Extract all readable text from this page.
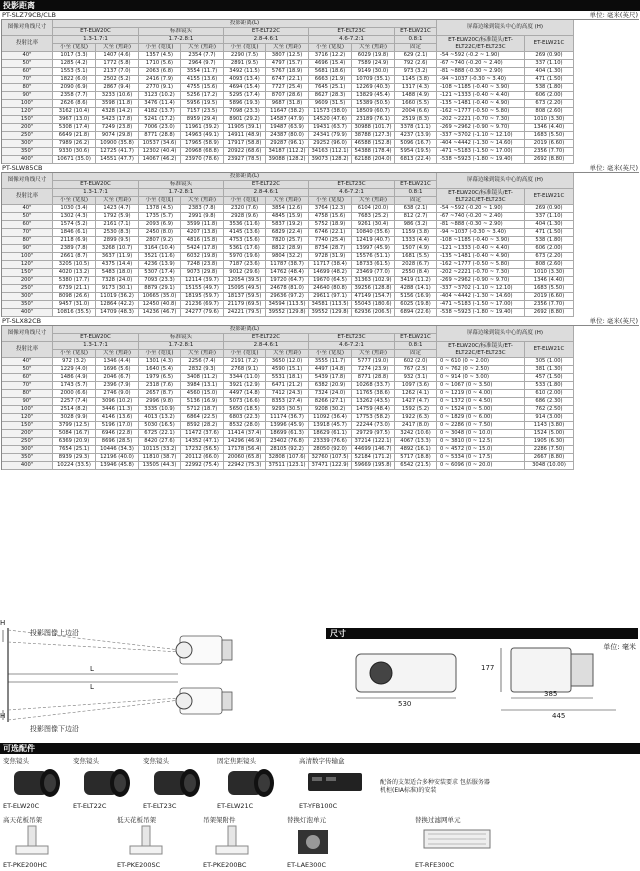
投影距离
PT-SLZ79CB/CLB	单位: 毫米(英尺)
图像对角线尺寸
投影距离(L)
屏幕边缘到镜头中心的高度 (H)
ET-ELW20C	标准镜头	ET-ELT22C	ET-ELT23C	ET-ELW21C
投射比率
1.3-1.7:1	1.7-2.8:1	2.8-4.6:1	4.6-7.2:1	0.8:1	ET-ELW20C/标准镜头/ET-ELT22C/ET-ELT23C
ET-ELW21C
小至 (宽度)	大至 (焦距)	小至 (宽度)	大至 (焦距)	小至 (宽度)	大至 (焦距)	小至 (宽度)	大至 (焦距)	固定
40"	1017 (3.3)	1407 (4.6)	1357 (4.5)	2354 (7.7)	2290 (7.5)	3807 (12.5)	3716 (12.2)	6029 (19.8)	629 (2.1)	-54 ~592 (-0.2 ~ 1.90)	269 (0.90)
50"	1285 (4.2)	1772 (5.8)	1710 (5.6)	2964 (9.7)	2891 (9.5)	4797 (15.7)	4696 (15.4)	7589 (24.9)	792 (2.6)	-67 ~740 (-0.20 ~ 2.40)	337 (1.10)
60"	1553 (5.1)	2137 (7.0)	2063 (6.8)	3554 (11.7)	3492 (11.5)	5767 (18.9)	5681 (18.6)	9149 (30.0)	973 (3.2)	-81 ~888 (-0.30 ~ 2.90)	404 (1.30)
70"	1822 (6.0)	2502 (5.2)	2416 (7.9)	4155 (13.6)	4093 (13.4)	6747 (22.1)	6663 (21.9)	10709 (35.1)	1145 (3.8)	-94 ~1037 (-0.30 ~ 3.40)	471 (1.50)
80"	2090 (6.9)	2867 (9.4)	2770 (9.1)	4755 (15.6)	4694 (15.4)	7727 (25.4)	7645 (25.1)	12269 (40.3)	1317 (4.3)	-108 ~1185 (-0.40 ~ 3.90)	538 (1.80)
90"	2358 (7.7)	3233 (10.6)	3123 (10.2)	5256 (17.2)	5295 (17.4)	8707 (28.6)	8627 (28.3)	13829 (45.4)	1488 (4.9)	-121 ~1333 (-0.40 ~ 4.40)	606 (2.00)
100"	2626 (8.6)	3598 (11.8)	3476 (11.4)	5956 (19.5)	5896 (19.3)	9687 (31.8)	9609 (31.5)	15389 (50.5)	1660 (5.5)	-135 ~1481 (-0.40 ~ 4.90)	673 (2.20)
120"	3162 (10.4)	4328 (14.2)	4182 (13.7)	7157 (23.5)	7098 (23.3)	11647 (38.2)	11573 (38.0)	18509 (60.7)	2004 (6.6)	-162 ~1777 (-0.50 ~ 5.80)	808 (2.60)
150"	3967 (13.0)	5423 (17.8)	5241 (17.2)	8959 (29.4)	8901 (29.2)	14587 (47.9)	14520 (47.6)	23189 (76.1)	2519 (8.3)	-202 ~2221 (-0.70 ~ 7.30)	1010 (3.30)
200"	5308 (17.4)	7249 (23.8)	7006 (23.0)	11961 (39.2)	11905 (39.1)	19487 (63.9)	19431 (63.7)	30988 (101.7)	3378 (11.1)	-269 ~2962 (-0.90 ~ 9.70)	1346 (4.40)
250"	6649 (21.8)	9074 (29.8)	8771 (28.8)	14963 (49.1)	14911 (48.9)	24387 (80.0)	24341 (79.9)	38788 (127.3)	4237 (13.9)	-337 ~3702 (-1.10 ~ 12.10)	1683 (5.50)
300"	7989 (26.2)	10900 (35.8)	10537 (34.6)	17965 (58.9)	17917 (58.8)	29287 (96.1)	29252 (96.0)	46588 (152.8)	5096 (16.7)	-404 ~4442 (-1.30 ~ 14.60)	2019 (6.60)
350"	9330 (30.6)	12725 (41.7)	12302 (40.4)	20968 (68.8)	20922 (68.6)	34187 (112.2)	34163 (112.1)	54388 (178.4)	5954 (19.5)	-471 ~5183 (-1.50 ~ 17.00)	2356 (7.70)
400"	10671 (35.0)	14551 (47.7)	14067 (46.2)	23970 (78.6)	23927 (78.5)	39088 (128.2)	39073 (128.2)	62188 (204.0)	6813 (22.4)	-538 ~5923 (-1.80 ~ 19.40)	2692 (8.80)
PT-SLW85CB	单位: 毫米(英尺)
图像对角线尺寸
投影距离(L)
屏幕边缘到镜头中心的高度 (H)
ET-ELW20C	标准镜头	ET-ELT22C	ET-ELT23C	ET-ELW21C
投射比率
1.3-1.7:1	1.7-2.8:1	2.8-4.6:1	4.6-7.2:1	0.8:1	ET-ELW20C/标准镜头/ET-ELT22C/ET-ELT23C
ET-ELW21C
小至 (宽度)	大至 (焦距)	小至 (宽度)	大至 (焦距)	小至 (宽度)	大至 (焦距)	小至 (宽度)	大至 (焦距)	固定
40"	1030 (3.4)	1423 (4.7)	1378 (4.5)	2383 (7.8)	2320 (7.6)	3854 (12.6)	3764 (12.3)	6104 (20.0)	638 (2.1)	-54 ~592 (-0.20 ~ 1.90)	269 (0.90)
50"	1302 (4.3)	1792 (5.9)	1735 (5.7)	2991 (9.8)	2928 (9.6)	4845 (15.9)	4758 (15.6)	7683 (25.2)	812 (2.7)	-67 ~740 (-0.20 ~ 2.40)	337 (1.10)
60"	1574 (5.2)	2161 (7.1)	2093 (6.9)	3599 (11.8)	3536 (11.6)	5837 (19.2)	5752 (18.9)	9261 (30.4)	986 (3.2)	-81 ~888 (-0.30 ~ 2.90)	404 (1.30)
70"	1846 (6.1)	2530 (8.3)	2450 (8.0)	4207 (13.8)	4145 (13.6)	6829 (22.4)	6746 (22.1)	10840 (35.6)	1159 (3.8)	-94 ~1037 (-0.30 ~ 3.40)	471 (1.50)
80"	2118 (6.9)	2899 (9.5)	2807 (9.2)	4816 (15.8)	4753 (15.6)	7820 (25.7)	7740 (25.4)	12419 (40.7)	1333 (4.4)	-108 ~1185 (-0.40 ~ 3.90)	538 (1.80)
90"	2389 (7.8)	3268 (10.7)	3164 (10.4)	5424 (17.8)	5361 (17.6)	8812 (28.9)	8734 (28.7)	13997 (45.9)	1507 (4.9)	-121 ~1333 (-0.40 ~ 4.40)	606 (2.00)
100"	2661 (8.7)	3637 (11.9)	3521 (11.6)	6032 (19.8)	5970 (19.6)	9804 (32.2)	9728 (31.9)	15576 (51.1)	1681 (5.5)	-135 ~1481 (-0.40 ~ 4.90)	673 (2.20)
120"	3205 (10.5)	4375 (14.4)	4236 (13.9)	7248 (23.8)	7187 (23.6)	11787 (38.7)	11717 (38.4)	18733 (61.5)	2028 (6.7)	-162 ~1777 (-0.50 ~ 5.80)	808 (2.60)
150"	4020 (13.2)	5483 (18.0)	5307 (17.4)	9073 (29.8)	9012 (29.6)	14762 (48.4)	14699 (48.2)	23469 (77.0)	2550 (8.4)	-202 ~2221 (-0.70 ~ 7.30)	1010 (3.30)
200"	5380 (17.7)	7328 (24.0)	7093 (23.3)	12114 (39.7)	12054 (39.5)	19720 (64.7)	19670 (64.5)	31363 (102.9)	3419 (11.2)	-269 ~2962 (-0.90 ~ 9.70)	1346 (4.40)
250"	6739 (21.1)	9173 (30.1)	8879 (29.1)	15155 (49.7)	15095 (49.5)	24678 (81.0)	24640 (80.8)	39256 (128.8)	4288 (14.1)	-337 ~3702 (-1.10 ~ 12.10)	1683 (5.50)
300"	8098 (26.6)	11019 (36.2)	10665 (35.0)	18195 (59.7)	18137 (59.5)	29636 (97.2)	29611 (97.1)	47149 (154.7)	5156 (16.9)	-404 ~4442 (-1.30 ~ 14.60)	2019 (6.60)
350"	9457 (31.0)	12864 (42.2)	12450 (40.8)	21236 (69.7)	21179 (69.5)	34594 (113.5)	34581 (113.5)	55043 (180.6)	6025 (19.8)	-471 ~5183 (-1.50 ~ 17.00)	2356 (7.70)
400"	10816 (35.5)	14709 (48.3)	14236 (46.7)	24277 (79.6)	24221 (79.5)	39552 (129.8)	39552 (129.8)	62936 (206.5)	6894 (22.6)	-538 ~5923 (-1.80 ~ 19.40)	2692 (8.80)
PT-SLX82CB	单位: 毫米(英尺)
图像对角线尺寸
投影距离(L)
屏幕边缘到镜头中心的高度 (H)
ET-ELW20C	标准镜头	ET-ELT22C	ET-ELT23C	ET-ELW21C
投射比率
1.3-1.7:1	1.7-2.8:1	2.8-4.6:1	4.6-7.2:1	0.8:1	ET-ELW20C/标准镜头/ET-ELT22C/ET-ELT23C
ET-ELW21C
小至 (宽度)	大至 (焦距)	小至 (宽度)	大至 (焦距)	小至 (宽度)	大至 (焦距)	小至 (宽度)	大至 (焦距)	固定
40"	972 (3.2)	1346 (4.4)	1301 (4.3)	2256 (7.4)	2191 (7.2)	3650 (12.0)	3555 (11.7)	5777 (19.0)	602 (2.0)	0 ~ 610 (0 ~ 2.00)	305 (1.00)
50"	1229 (4.0)	1696 (5.6)	1640 (5.4)	2832 (9.3)	2768 (9.1)	4590 (15.1)	4497 (14.8)	7274 (23.9)	767 (2.5)	0 ~ 762 (0 ~ 2.50)	381 (1.30)
60"	1486 (4.9)	2046 (6.7)	1979 (6.5)	3408 (11.2)	3344 (11.0)	5531 (18.1)	5439 (17.8)	8771 (28.8)	932 (3.1)	0 ~ 914 (0 ~ 3.00)	457 (1.50)
70"	1743 (5.7)	2396 (7.9)	2318 (7.6)	3984 (13.1)	3921 (12.9)	6471 (21.2)	6382 (20.9)	10268 (33.7)	1097 (3.6)	0 ~ 1067 (0 ~ 3.50)	533 (1.80)
80"	2000 (6.6)	2746 (9.0)	2657 (8.7)	4560 (15.0)	4497 (14.8)	7412 (24.3)	7324 (24.0)	11765 (38.6)	1262 (4.1)	0 ~ 1219 (0 ~ 4.00)	610 (2.00)
90"	2257 (7.4)	3096 (10.2)	2996 (9.8)	5136 (16.9)	5073 (16.6)	8353 (27.4)	8266 (27.1)	13262 (43.5)	1427 (4.7)	0 ~ 1372 (0 ~ 4.50)	686 (2.30)
100"	2514 (8.2)	3446 (11.3)	3335 (10.9)	5712 (18.7)	5650 (18.5)	9293 (30.5)	9208 (30.2)	14759 (48.4)	1592 (5.2)	0 ~ 1524 (0 ~ 5.00)	762 (2.50)
120"	3028 (9.9)	4146 (13.6)	4013 (13.2)	6864 (22.5)	6803 (22.3)	11174 (36.7)	11092 (36.4)	17753 (58.2)	1922 (6.3)	0 ~ 1829 (0 ~ 6.00)	914 (3.00)
150"	3799 (12.5)	5196 (17.0)	5030 (16.5)	8592 (28.2)	8532 (28.0)	13996 (45.9)	13918 (45.7)	22244 (73.0)	2417 (8.0)	0 ~ 2286 (0 ~ 7.50)	1143 (3.80)
200"	5084 (16.7)	6946 (22.8)	6725 (22.1)	11472 (37.6)	11414 (37.4)	18699 (61.3)	18629 (61.1)	29729 (97.5)	3242 (10.6)	0 ~ 3048 (0 ~ 10.0)	1524 (5.00)
250"	6369 (20.9)	8696 (28.5)	8420 (27.6)	14352 (47.1)	14296 (46.9)	23402 (76.8)	23339 (76.6)	37214 (122.1)	4067 (13.3)	0 ~ 3810 (0 ~ 12.5)	1905 (6.30)
300"	7654 (25.1)	10446 (34.3)	10115 (33.2)	17232 (56.5)	17178 (56.4)	28105 (92.2)	28050 (92.0)	44699 (146.7)	4892 (16.1)	0 ~ 4572 (0 ~ 15.0)	2286 (7.50)
350"	8939 (29.3)	12196 (40.0)	11810 (38.7)	20112 (66.0)	20060 (65.8)	32808 (107.6)	32760 (107.5)	52184 (171.2)	5717 (18.8)	0 ~ 5334 (0 ~ 17.5)	2667 (8.80)
400"	10224 (33.5)	13946 (45.8)	13505 (44.3)	22992 (75.4)	22942 (75.3)	37511 (123.1)	37471 (122.9)	59669 (195.8)	6542 (21.5)	0 ~ 6096 (0 ~ 20.0)	3048 (10.00)
投影图像上边沿
投影图像下边沿
H
H
L
L
尺寸
单位: 毫米
177
530
385
445
可选配件
变焦镜头
ET-ELW20C
变焦镜头
ET-ELT22C
变焦镜头
ET-ELT23C
固定焦距镜头
ET-ELW21C
高清数字传输盒
ET-YFB100C
高天花板吊架
ET-PKE200HC
低天花板吊架
ET-PKE200SC
吊架架附件
ET-PKE200BC
替换灯泡单元
ET-LAE300C
替换过滤网单元
ET-RFE300C
配备的支架适合多种安装要求 包括服务器机柜(EIA标准)的安装
